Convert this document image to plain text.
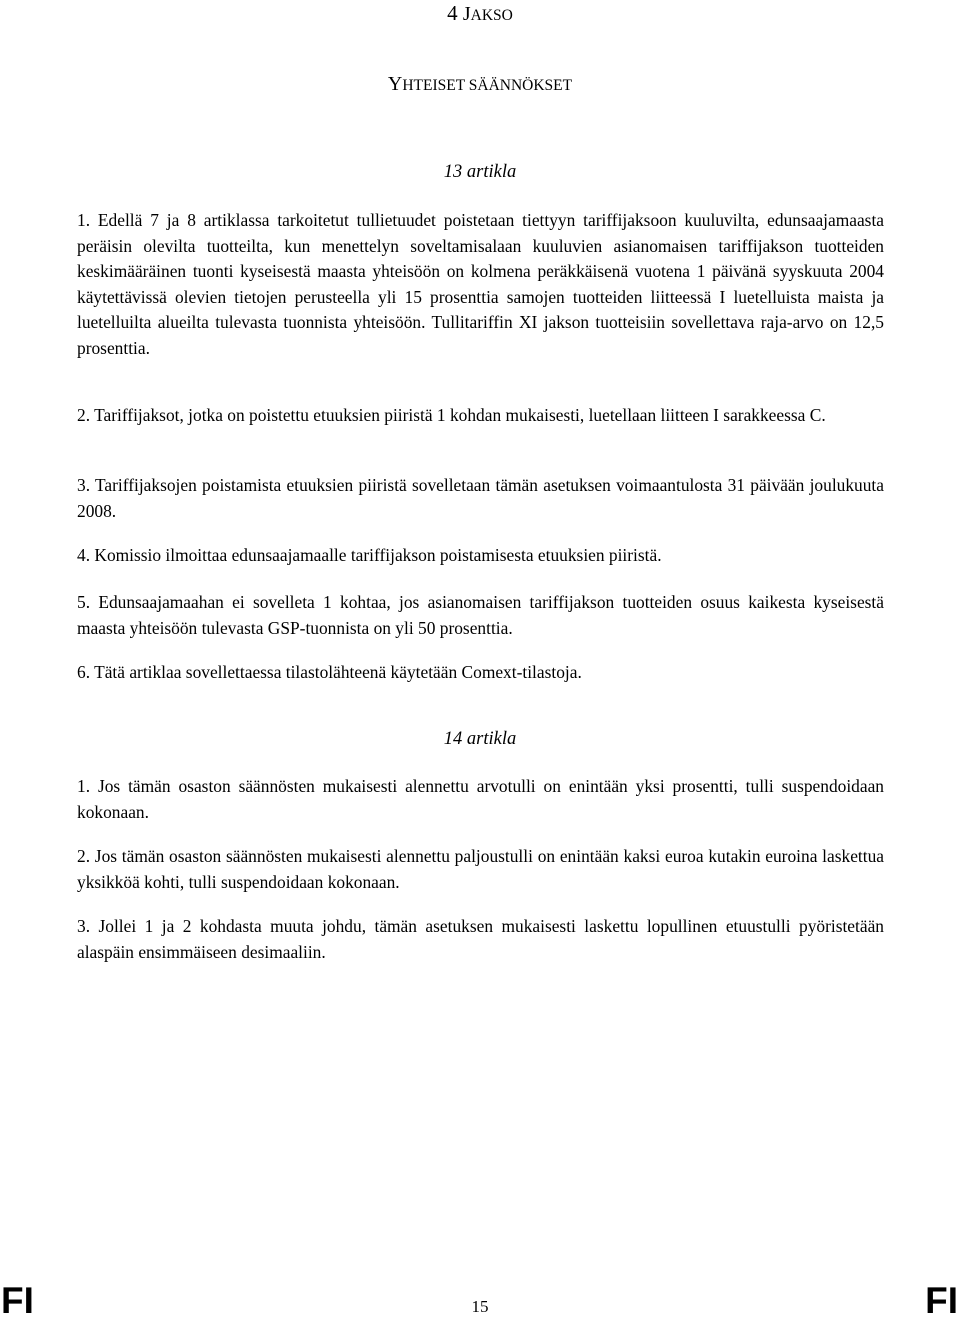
4 JAKSO
YHTEISET SÄÄNNÖKSET
13 artikla
1. Edellä 7 ja 8 artiklassa tarkoitetut tullietuudet poistetaan tiettyyn tariffijaksoon kuuluvilta, edunsaajamaasta peräisin olevilta tuotteilta, kun menettelyn soveltamisalaan kuuluvien asianomaisen tariffijakson tuotteiden keskimääräinen tuonti kyseisestä maasta yhteisöön on kolmena peräkkäisenä vuotena 1 päivänä syyskuuta 2004 käytettävissä olevien tietojen perusteella yli 15 prosenttia samojen tuotteiden liitteessä I luetelluista maista ja luetelluilta alueilta tulevasta tuonnista yhteisöön. Tullitariffin XI jakson tuotteisiin sovellettava raja-arvo on 12,5 prosenttia.
2. Tariffijaksot, jotka on poistettu etuuksien piiristä 1 kohdan mukaisesti, luetellaan liitteen I sarakkeessa C.
3. Tariffijaksojen poistamista etuuksien piiristä sovelletaan tämän asetuksen voimaantulosta 31 päivään joulukuuta 2008.
4. Komissio ilmoittaa edunsaajamaalle tariffijakson poistamisesta etuuksien piiristä.
5. Edunsaajamaahan ei sovelleta 1 kohtaa, jos asianomaisen tariffijakson tuotteiden osuus kaikesta kyseisestä maasta yhteisöön tulevasta GSP-tuonnista on yli 50 prosenttia.
6. Tätä artiklaa sovellettaessa tilastolähteenä käytetään Comext-tilastoja.
14 artikla
1. Jos tämän osaston säännösten mukaisesti alennettu arvotulli on enintään yksi prosentti, tulli suspendoidaan kokonaan.
2. Jos tämän osaston säännösten mukaisesti alennettu paljoustulli on enintään kaksi euroa kutakin euroina laskettua yksikköä kohti, tulli suspendoidaan kokonaan.
3. Jollei 1 ja 2 kohdasta muuta johdu, tämän asetuksen mukaisesti laskettu lopullinen etuustulli pyöristetään alaspäin ensimmäiseen desimaaliin.
FI	15	FI
